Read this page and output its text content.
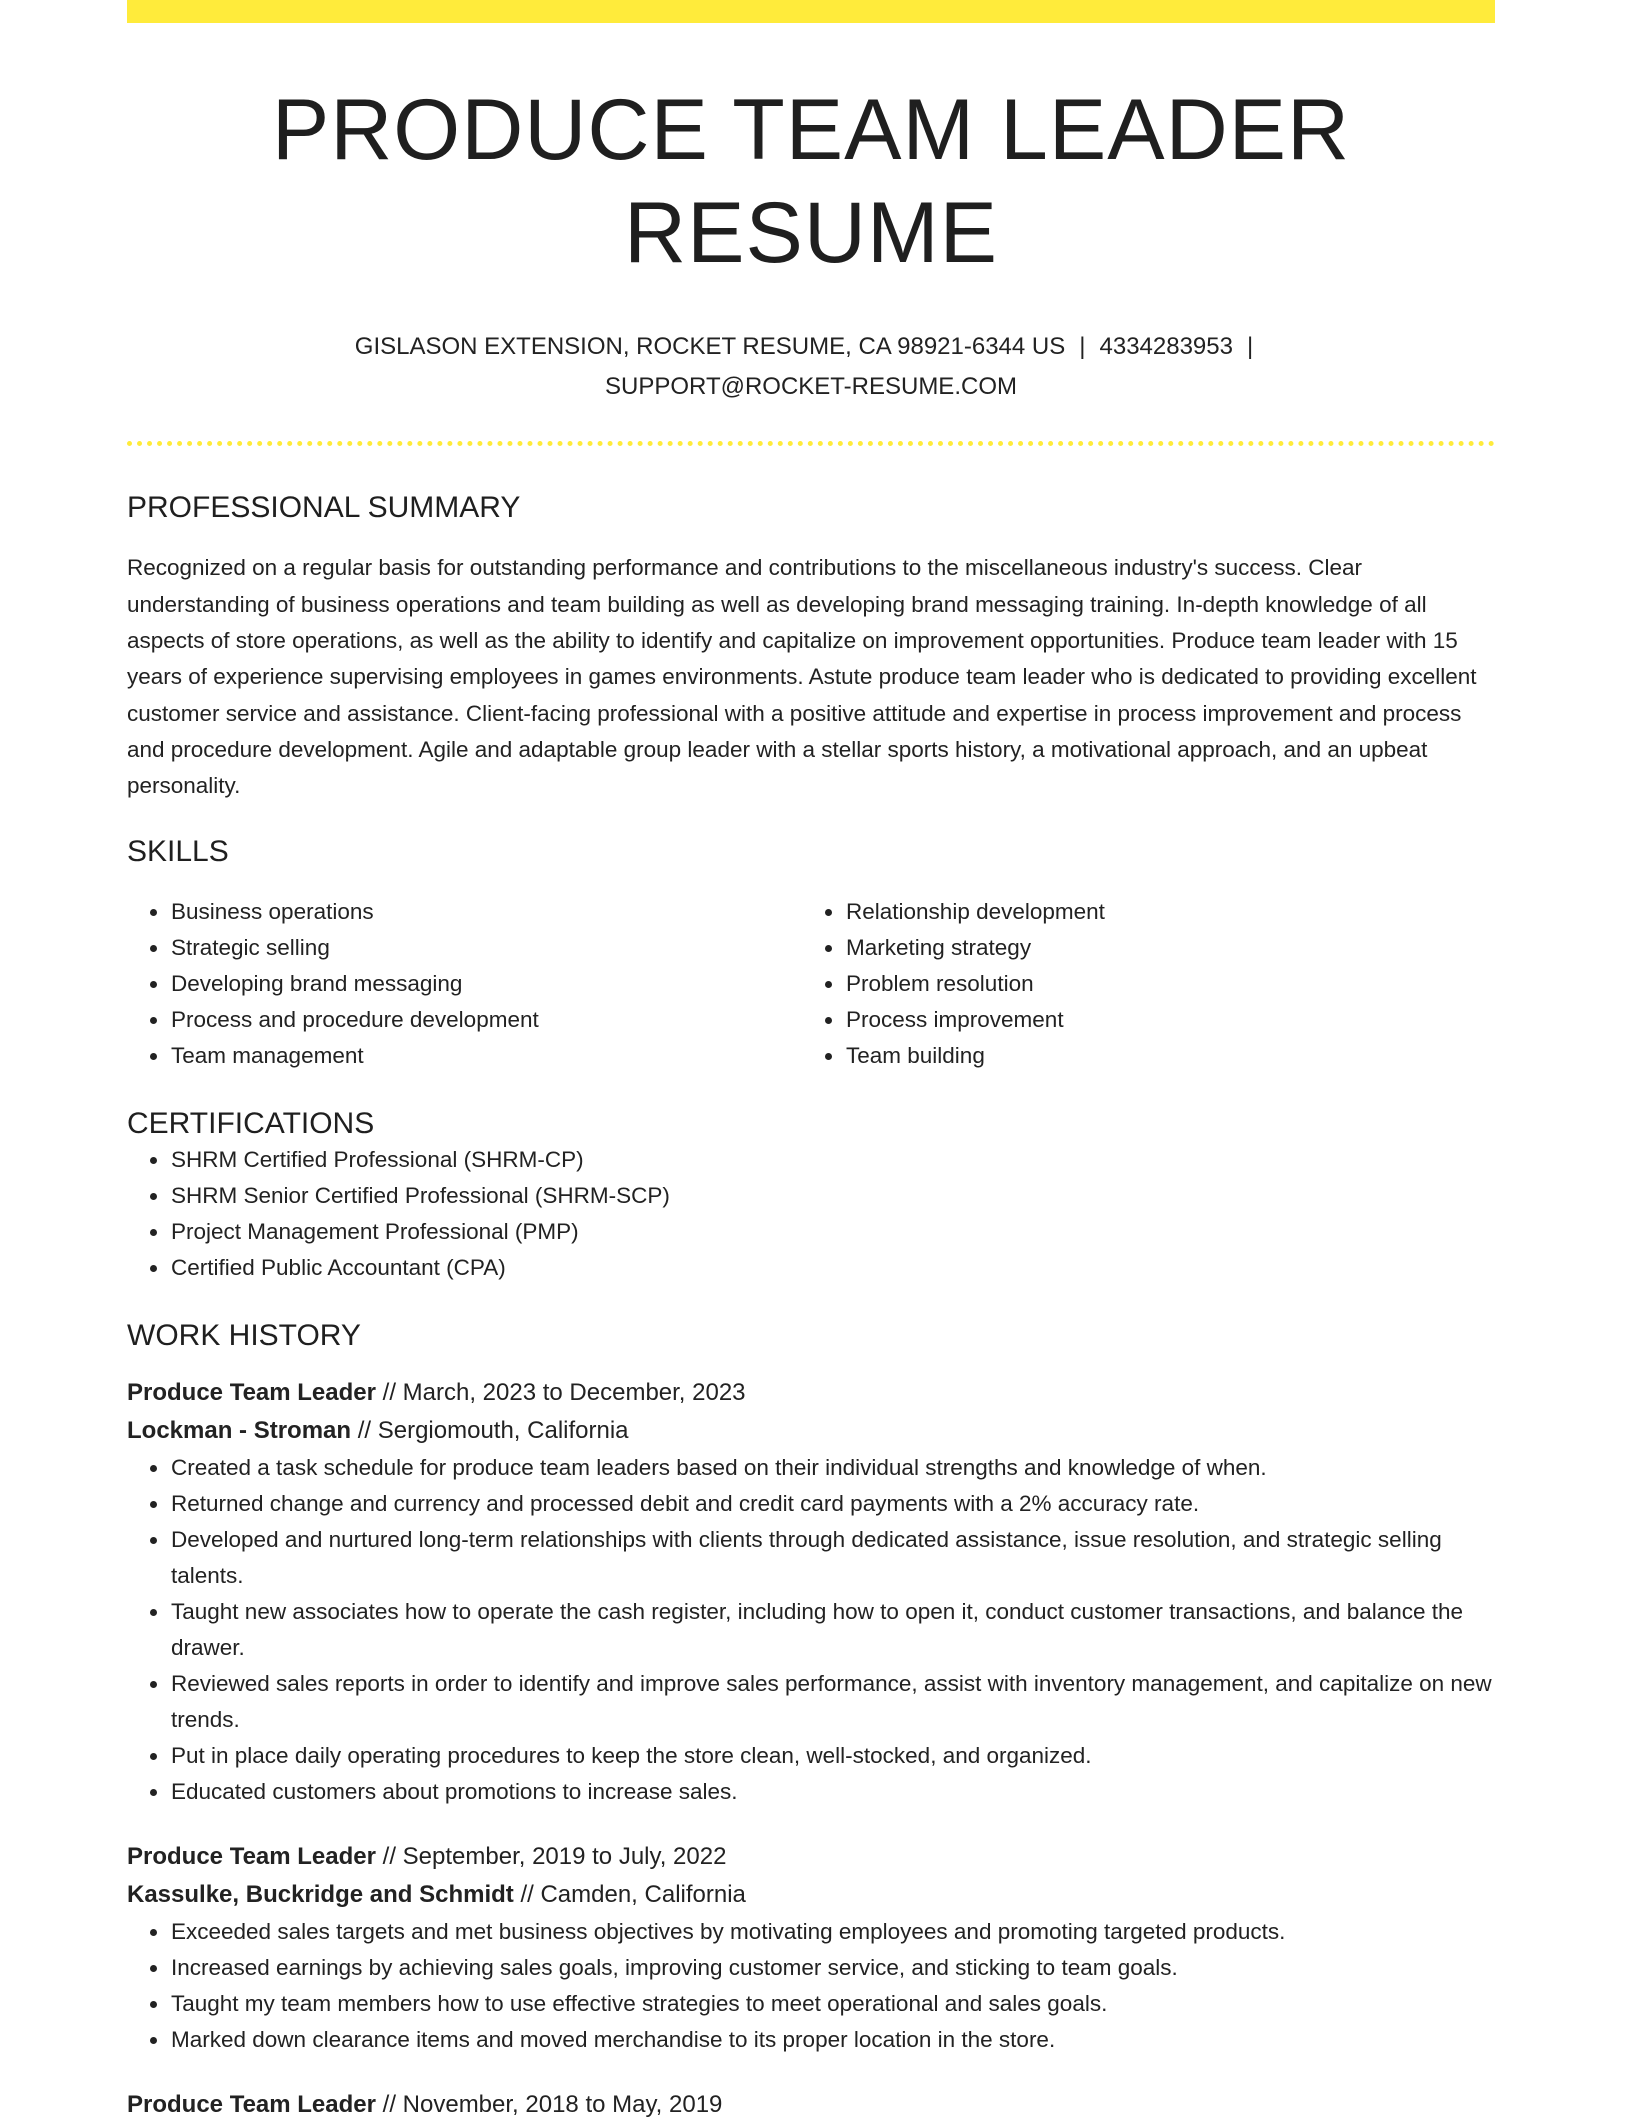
PRODUCE TEAM LEADER RESUME
GISLASON EXTENSION, ROCKET RESUME, CA 98921-6344 US | 4334283953 |
SUPPORT@ROCKET-RESUME.COM
PROFESSIONAL SUMMARY

Recognized on a regular basis for outstanding performance and contributions to the miscellaneous industry's success. Clear understanding of business operations and team building as well as developing brand messaging training. In-depth knowledge of all aspects of store operations, as well as the ability to identify and capitalize on improvement opportunities. Produce team leader with 15 years of experience supervising employees in games environments. Astute produce team leader who is dedicated to providing excellent customer service and assistance. Client-facing professional with a positive attitude and expertise in process improvement and process and procedure development. Agile and adaptable group leader with a stellar sports history, a motivational approach, and an upbeat personality.

SKILLS
• Business operations
• Strategic selling
• Developing brand messaging
• Process and procedure development
• Team management
• Relationship development
• Marketing strategy
• Problem resolution
• Process improvement
• Team building
CERTIFICATIONS
• SHRM Certified Professional (SHRM-CP)
• SHRM Senior Certified Professional (SHRM-SCP)
• Project Management Professional (PMP)
• Certified Public Accountant (CPA)
WORK HISTORY
Produce Team Leader // March, 2023 to December, 2023
Lockman - Stroman // Sergiomouth, California
• Created a task schedule for produce team leaders based on their individual strengths and knowledge of when.
• Returned change and currency and processed debit and credit card payments with a 2% accuracy rate.
• Developed and nurtured long-term relationships with clients through dedicated assistance, issue resolution, and strategic selling talents.
• Taught new associates how to operate the cash register, including how to open it, conduct customer transactions, and balance the drawer.
• Reviewed sales reports in order to identify and improve sales performance, assist with inventory management, and capitalize on new trends.
• Put in place daily operating procedures to keep the store clean, well-stocked, and organized.
• Educated customers about promotions to increase sales.
Produce Team Leader // September, 2019 to July, 2022
Kassulke, Buckridge and Schmidt // Camden, California
• Exceeded sales targets and met business objectives by motivating employees and promoting targeted products.
• Increased earnings by achieving sales goals, improving customer service, and sticking to team goals.
• Taught my team members how to use effective strategies to meet operational and sales goals.
• Marked down clearance items and moved merchandise to its proper location in the store.
Produce Team Leader // November, 2018 to May, 2019
